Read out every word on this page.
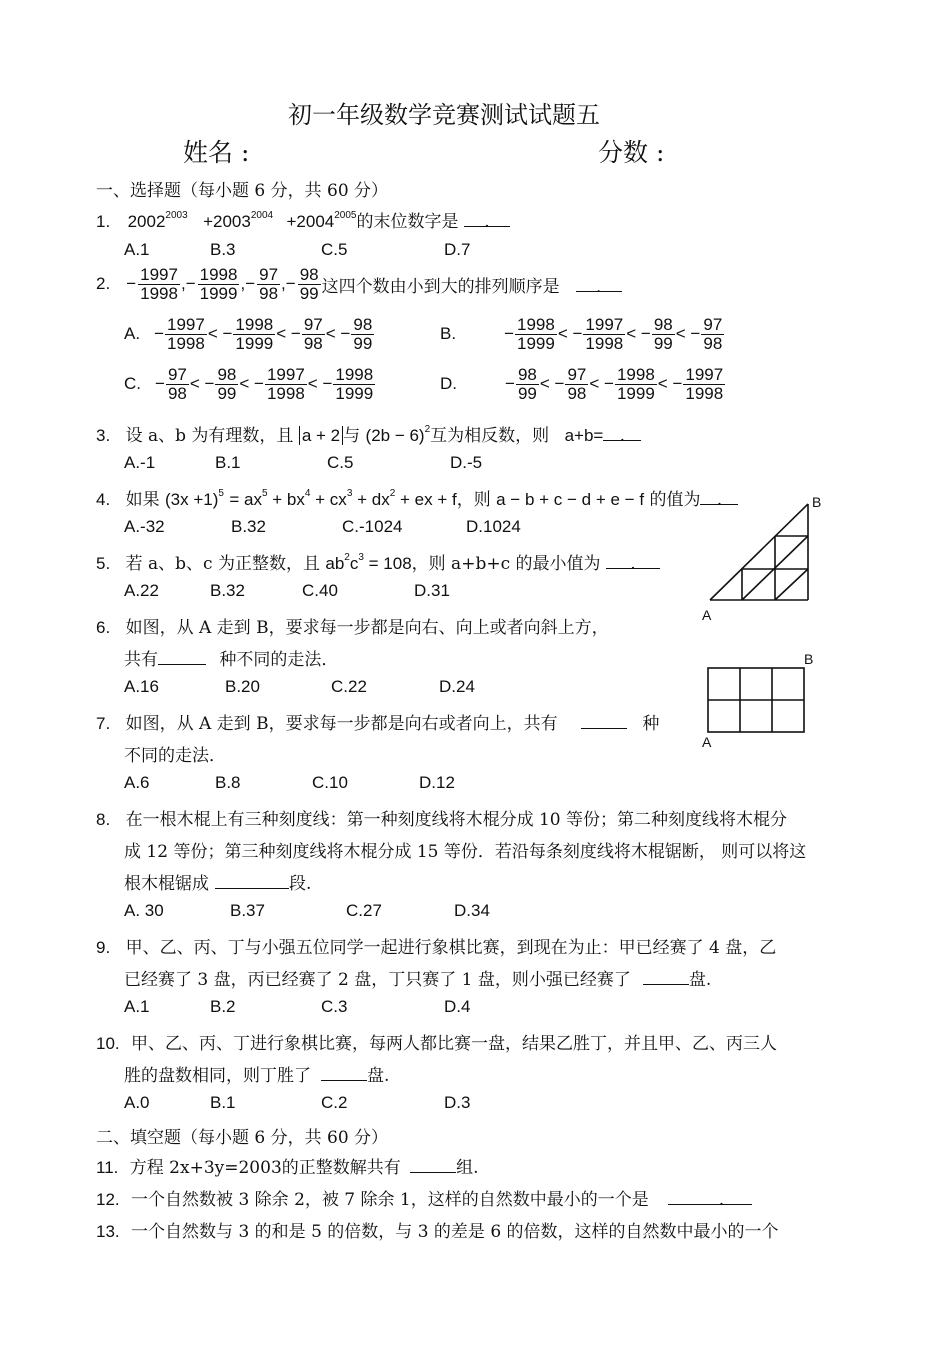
初一年级数学竞赛测试试题五
姓名 :	分数 :
一、选择题（每小题 6 分，共 60 分）
1. $2002^{2003} +2003^{2004} +2004^{2005}$的末位数字是 .
A.1	B.3	C.5	D.7
2. − $\frac{1997}{1998}$ , − $\frac{1998}{1999}$ , − $\frac{97}{98}$ , − $\frac{98}{99}$ 这四个数由小到大的排列顺序是	.
A. − $\frac{1997}{1998}$ < − $\frac{1998}{1999}$ < − $\frac{97}{98}$ < − $\frac{98}{99}$	B.	− $\frac{1998}{1999}$ < − $\frac{1997}{1998}$ < − $\frac{98}{99}$ < − $\frac{97}{98}$
C. − $\frac{97}{98}$ < − $\frac{98}{99}$ < − $\frac{1997}{1998}$ < − $\frac{1998}{1999}$	D.	− $\frac{98}{99}$ < − $\frac{97}{98}$ < − $\frac{1998}{1999}$ < − $\frac{1997}{1998}$
3. 设 a、b 为有理数，且 a + 2 与 $(2b - 6)^2$互为相反数，则 a+b= .
A.-1	B.1	C.5	D.-5
4. 如果 $(3x +1)^5 = ax^5 + bx^4 + cx^3 + dx^2$ + ex + f，则 a − b + c − d + e − f 的值为 .
A.-32	B.32	C.-1024	D.1024
5. 若 a、b、c 为正整数，且 $ab^2c^3 = 108$，则 a+b+c 的最小值为 .
A.22	B.32	C.40	D.31
B
A
6. 如图，从 A 走到 B，要求每一步都是向右、向上或者向斜上方，
共有	种不同的走法．
A.16	B.20	C.22	D.24
B
A
7. 如图，从 A 走到 B，要求每一步都是向右或者向上，共有	种
不同的走法．
A.6	B.8	C.10	D.12
8. 在一根木棍上有三种刻度线：第一种刻度线将木棍分成 10 等份；第二种刻度线将木棍分
成 12 等份；第三种刻度线将木棍分成 15 等份．若沿每条刻度线将木棍锯断， 则可以将这
根木棍锯成	段.
A. 30	B.37	C.27	D.34
9. 甲、乙、丙、丁与小强五位同学一起进行象棋比赛，到现在为止：甲已经赛了 4 盘，乙
已经赛了 3 盘，丙已经赛了 2 盘，丁只赛了 1 盘，则小强已经赛了	盘.
A.1	B.2	C.3	D.4
10. 甲、乙、丙、丁进行象棋比赛，每两人都比赛一盘，结果乙胜丁，并且甲、乙、丙三人
胜的盘数相同，则丁胜了	盘.
A.0	B.1	C.2	D.3
二、填空题（每小题 6 分，共 60 分）
11. 方程 2x+3y=2003的正整数解共有	组.
12. 一个自然数被 3 除余 2，被 7 除余 1，这样的自然数中最小的一个是	.
13. 一个自然数与 3 的和是 5 的倍数，与 3 的差是 6 的倍数，这样的自然数中最小的一个
